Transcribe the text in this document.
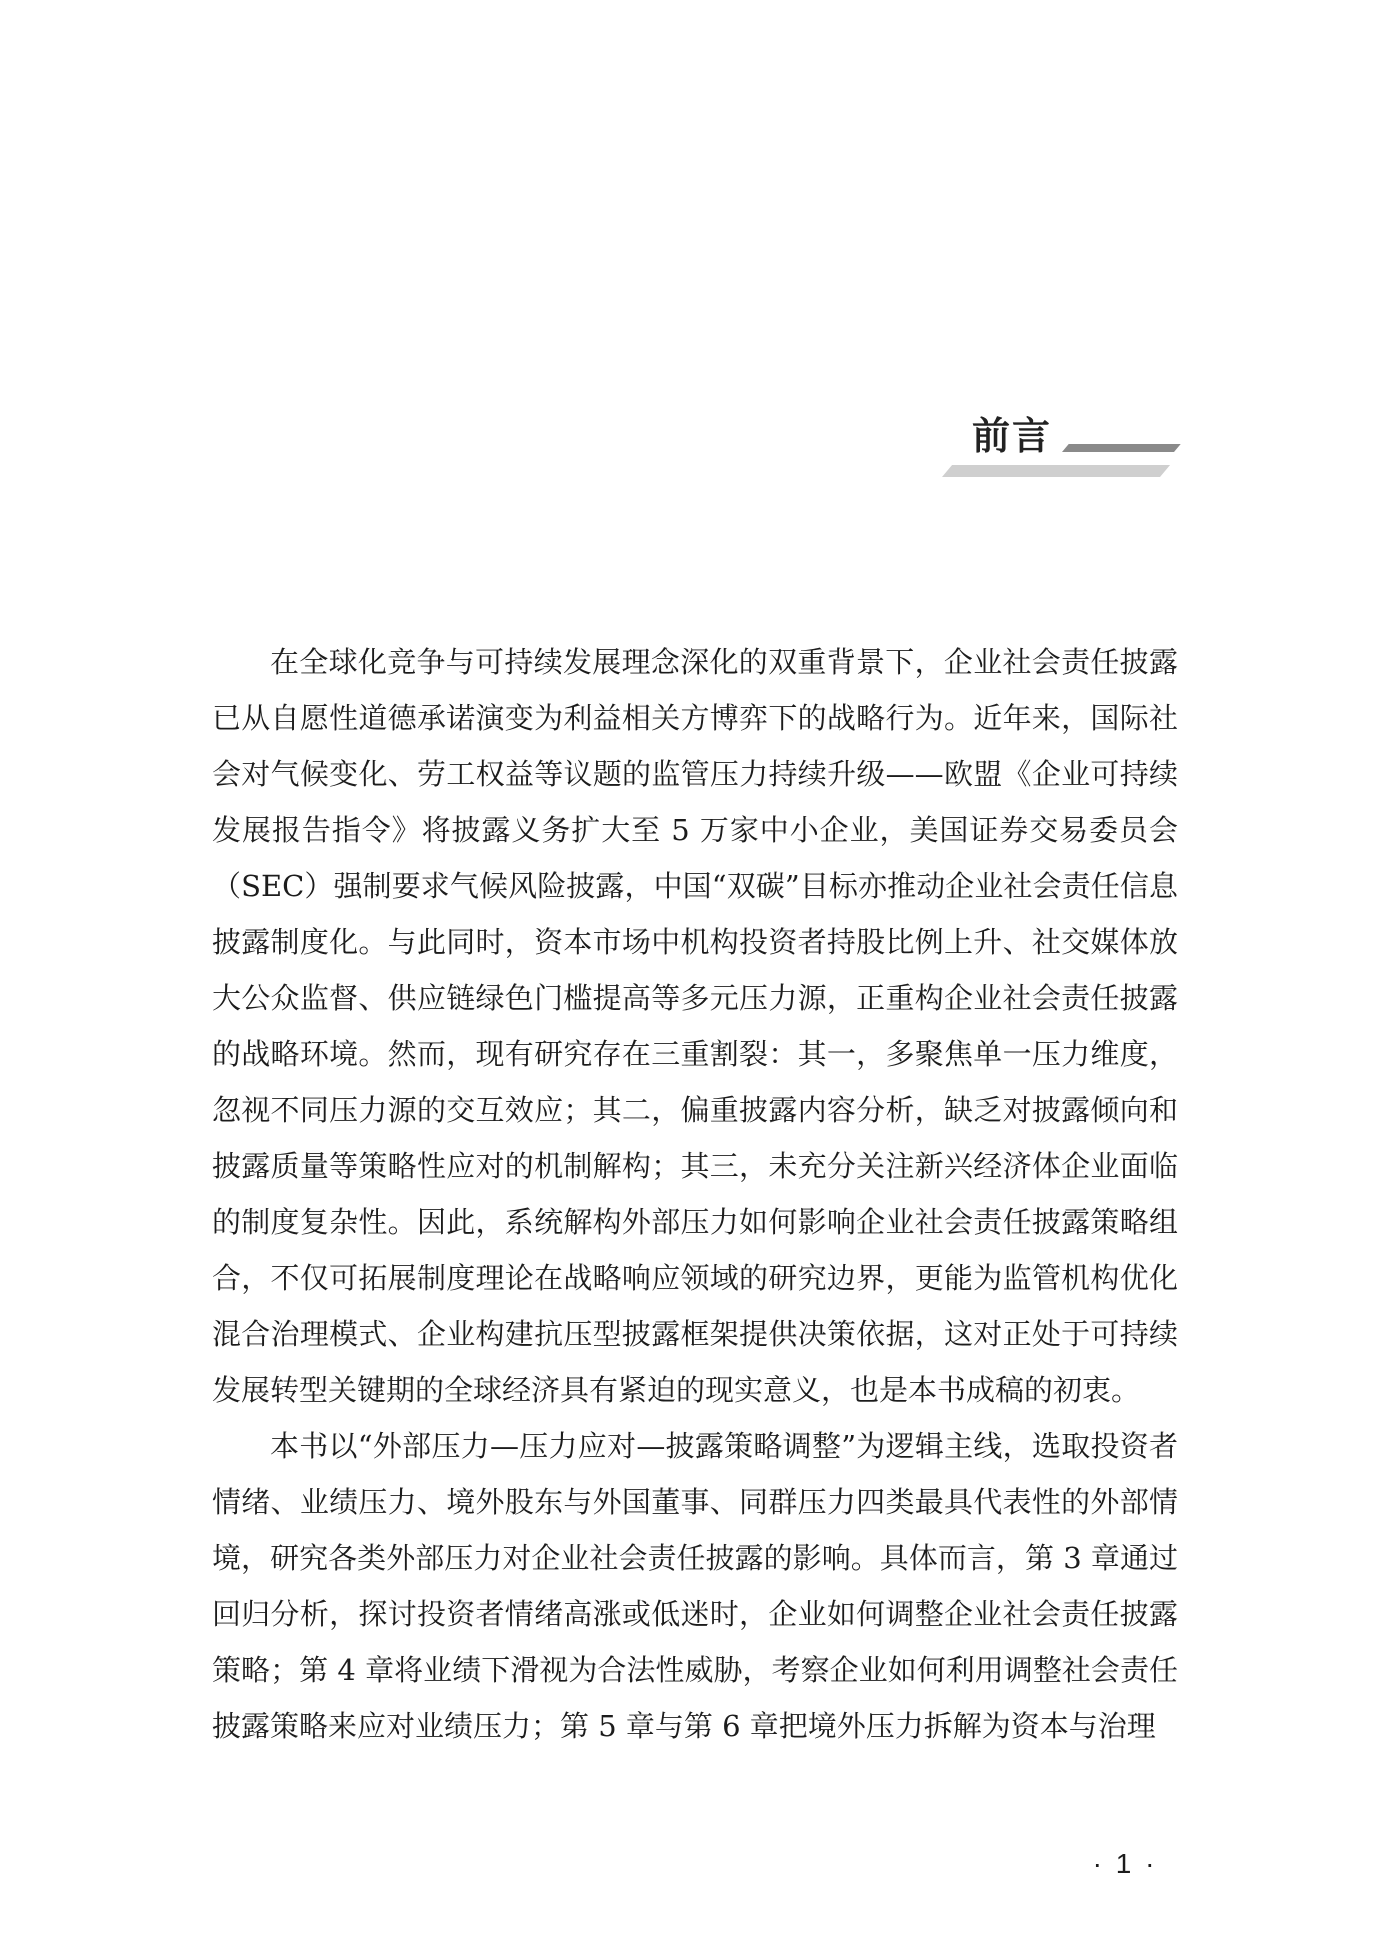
前言

在全球化竞争与可持续发展理念深化的双重背景下，企业社会责任披露已从自愿性道德承诺演变为利益相关方博弈下的战略行为。近年来，国际社会对气候变化、劳工权益等议题的监管压力持续升级——欧盟《企业可持续发展报告指令》将披露义务扩大至 5 万家中小企业，美国证券交易委员会（SEC）强制要求气候风险披露，中国“双碳”目标亦推动企业社会责任信息披露制度化。与此同时，资本市场中机构投资者持股比例上升、社交媒体放大公众监督、供应链绿色门槛提高等多元压力源，正重构企业社会责任披露的战略环境。然而，现有研究存在三重割裂：其一，多聚焦单一压力维度，忽视不同压力源的交互效应；其二，偏重披露内容分析，缺乏对披露倾向和披露质量等策略性应对的机制解构；其三，未充分关注新兴经济体企业面临的制度复杂性。因此，系统解构外部压力如何影响企业社会责任披露策略组合，不仅可拓展制度理论在战略响应领域的研究边界，更能为监管机构优化混合治理模式、企业构建抗压型披露框架提供决策依据，这对正处于可持续发展转型关键期的全球经济具有紧迫的现实意义，也是本书成稿的初衷。

本书以“外部压力—压力应对—披露策略调整”为逻辑主线，选取投资者情绪、业绩压力、境外股东与外国董事、同群压力四类最具代表性的外部情境，研究各类外部压力对企业社会责任披露的影响。具体而言，第 3 章通过回归分析，探讨投资者情绪高涨或低迷时，企业如何调整企业社会责任披露策略；第 4 章将业绩下滑视为合法性威胁，考察企业如何利用调整社会责任披露策略来应对业绩压力；第 5 章与第 6 章把境外压力拆解为资本与治理

· 1 ·
